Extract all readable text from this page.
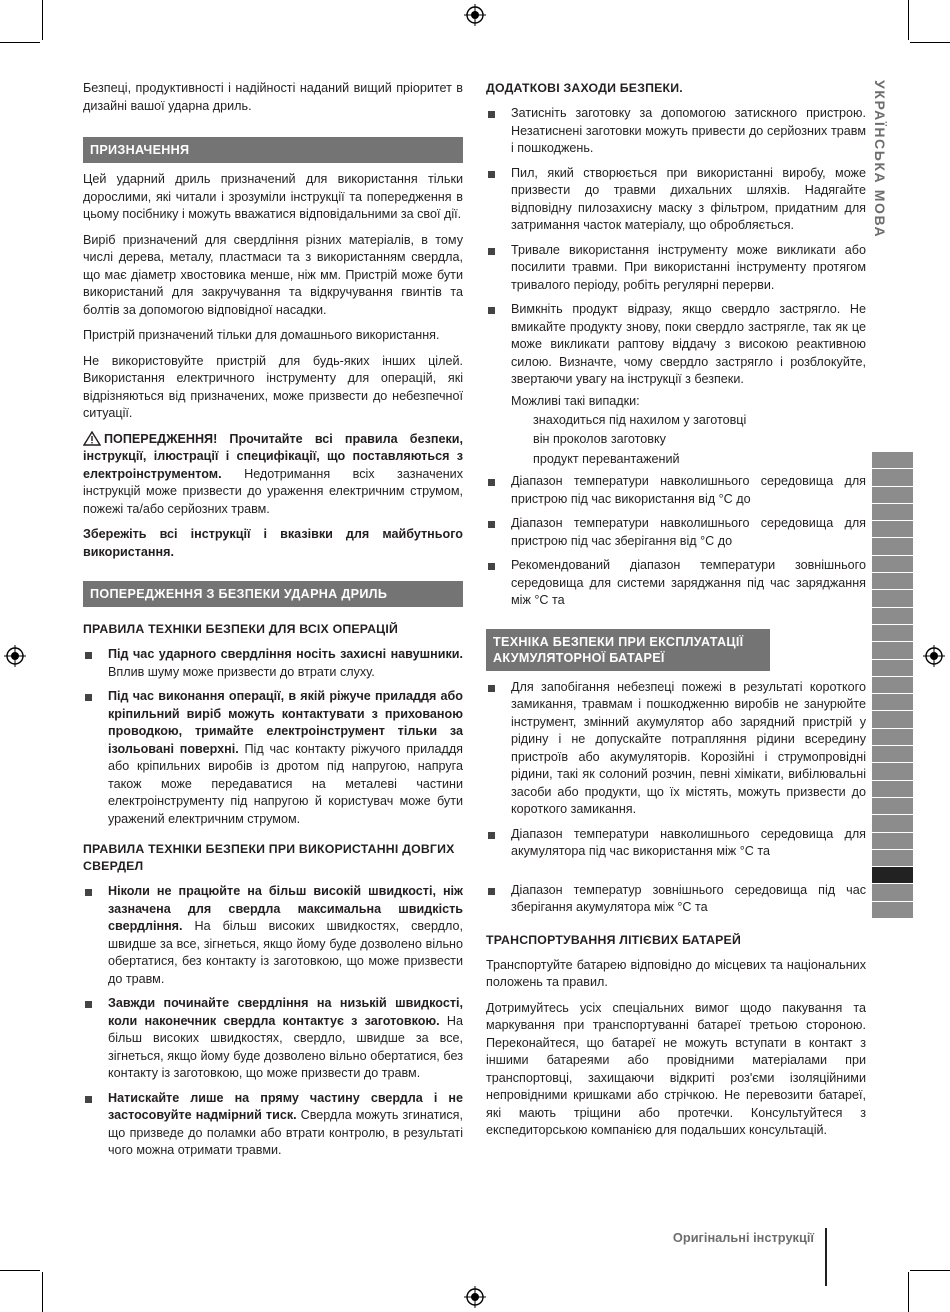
Безпеці, продуктивності і надійності наданий вищий пріоритет в дизайні вашої ударна дриль.

ПРИЗНАЧЕННЯ

Цей ударний дриль призначений для використання тільки дорослими, які читали і зрозуміли інструкції та попередження в цьому посібнику і можуть вважатися відповідальними за свої дії.

Виріб призначений для свердління різних матеріалів, в тому числі дерева, металу, пластмаси та з використанням свердла, що має діаметр хвостовика менше, ніж мм. Пристрій може бути використаний для закручування та відкручування гвинтів та болтів за допомогою відповідної насадки.

Пристрій призначений тільки для домашнього використання.

Не використовуйте пристрій для будь-яких інших цілей. Використання електричного інструменту для операцій, які відрізняються від призначених, може призвести до небезпечної ситуації.

ПОПЕРЕДЖЕННЯ! Прочитайте всі правила безпеки, інструкції, ілюстрації і специфікації, що поставляються з електроінструментом. Недотримання всіх зазначених інструкцій може призвести до ураження електричним струмом, пожежі та/або серйозних травм.

Збережіть всі інструкції і вказівки для майбутнього використання.

ПОПЕРЕДЖЕННЯ З БЕЗПЕКИ УДАРНА ДРИЛЬ
ПРАВИЛА ТЕХНІКИ БЕЗПЕКИ ДЛЯ ВСІХ ОПЕРАЦІЙ
Під час ударного свердління носіть захисні навушники. Вплив шуму може призвести до втрати слуху.
Під час виконання операції, в якій ріжуче приладдя або кріпильний виріб можуть контактувати з прихованою проводкою, тримайте електроінструмент тільки за ізольовані поверхні. Під час контакту ріжучого приладдя або кріпильних виробів із дротом під напругою, напруга також може передаватися на металеві частини електроінструменту під напругою й користувач може бути уражений електричним струмом.
ПРАВИЛА ТЕХНІКИ БЕЗПЕКИ ПРИ ВИКОРИСТАННІ ДОВГИХ СВЕРДЕЛ
Ніколи не працюйте на більш високій швидкості, ніж зазначена для свердла максимальна швидкість свердління. На більш високих швидкостях, свердло, швидше за все, зігнеться, якщо йому буде дозволено вільно обертатися, без контакту із заготовкою, що може призвести до травм.
Завжди починайте свердління на низькій швидкості, коли наконечник свердла контактує з заготовкою. На більш високих швидкостях, свердло, швидше за все, зігнеться, якщо йому буде дозволено вільно обертатися, без контакту із заготовкою, що може призвести до травм.
Натискайте лише на пряму частину свердла і не застосовуйте надмірний тиск. Свердла можуть згинатися, що призведе до поламки або втрати контролю, в результаті чого можна отримати травми.
ДОДАТКОВІ ЗАХОДИ БЕЗПЕКИ.
Затисніть заготовку за допомогою затискного пристрою. Незатиснені заготовки можуть привести до серйозних травм і пошкоджень.
Пил, який створюється при використанні виробу, може призвести до травми дихальних шляхів. Надягайте відповідну пилозахисну маску з фільтром, придатним для затримання часток матеріалу, що обробляється.
Тривале використання інструменту може викликати або посилити травми. При використанні інструменту протягом тривалого періоду, робіть регулярні перерви.
Вимкніть продукт відразу, якщо свердло застрягло. Не вмикайте продукту знову, поки свердло застрягле, так як це може викликати раптову віддачу з високою реактивною силою. Визначте, чому свердло застрягло і розблокуйте, звертаючи увагу на інструкції з безпеки.
Можливі такі випадки:
знаходиться під нахилом у заготовці
він проколов заготовку
продукт перевантажений
Діапазон температури навколишнього середовища для пристрою під час використання від °C до
Діапазон температури навколишнього середовища для пристрою під час зберігання від °C до
Рекомендований діапазон температури зовнішнього середовища для системи заряджання під час заряджання між °C та
ТЕХНІКА БЕЗПЕКИ ПРИ ЕКСПЛУАТАЦІЇ АКУМУЛЯТОРНОЇ БАТАРЕЇ
Для запобігання небезпеці пожежі в результаті короткого замикання, травмам і пошкодженню виробів не занурюйте інструмент, змінний акумулятор або зарядний пристрій у рідину і не допускайте потрапляння рідини всередину пристроїв або акумуляторів. Корозійні і струмопровідні рідини, такі як солоний розчин, певні хімікати, вибілювальні засоби або продукти, що їх містять, можуть призвести до короткого замикання.
Діапазон температури навколишнього середовища для акумулятора під час використання між °C та
Діапазон температур зовнішнього середовища під час зберігання акумулятора між °C та
ТРАНСПОРТУВАННЯ ЛІТІЄВИХ БАТАРЕЙ

Транспортуйте батарею відповідно до місцевих та національних положень та правил.

Дотримуйтесь усіх спеціальних вимог щодо пакування та маркування при транспортуванні батареї третьою стороною. Переконайтеся, що батареї не можуть вступати в контакт з іншими батареями або провідними матеріалами при транспортовці, захищаючи відкриті роз'єми ізоляційними непровідними кришками або стрічкою. Не перевозити батареї, які мають тріщини або протечки. Консультуйтеся з експедиторською компанією для подальших консультацій.

УКРАЇНСЬКА МОВА
Оригінальні інструкції
